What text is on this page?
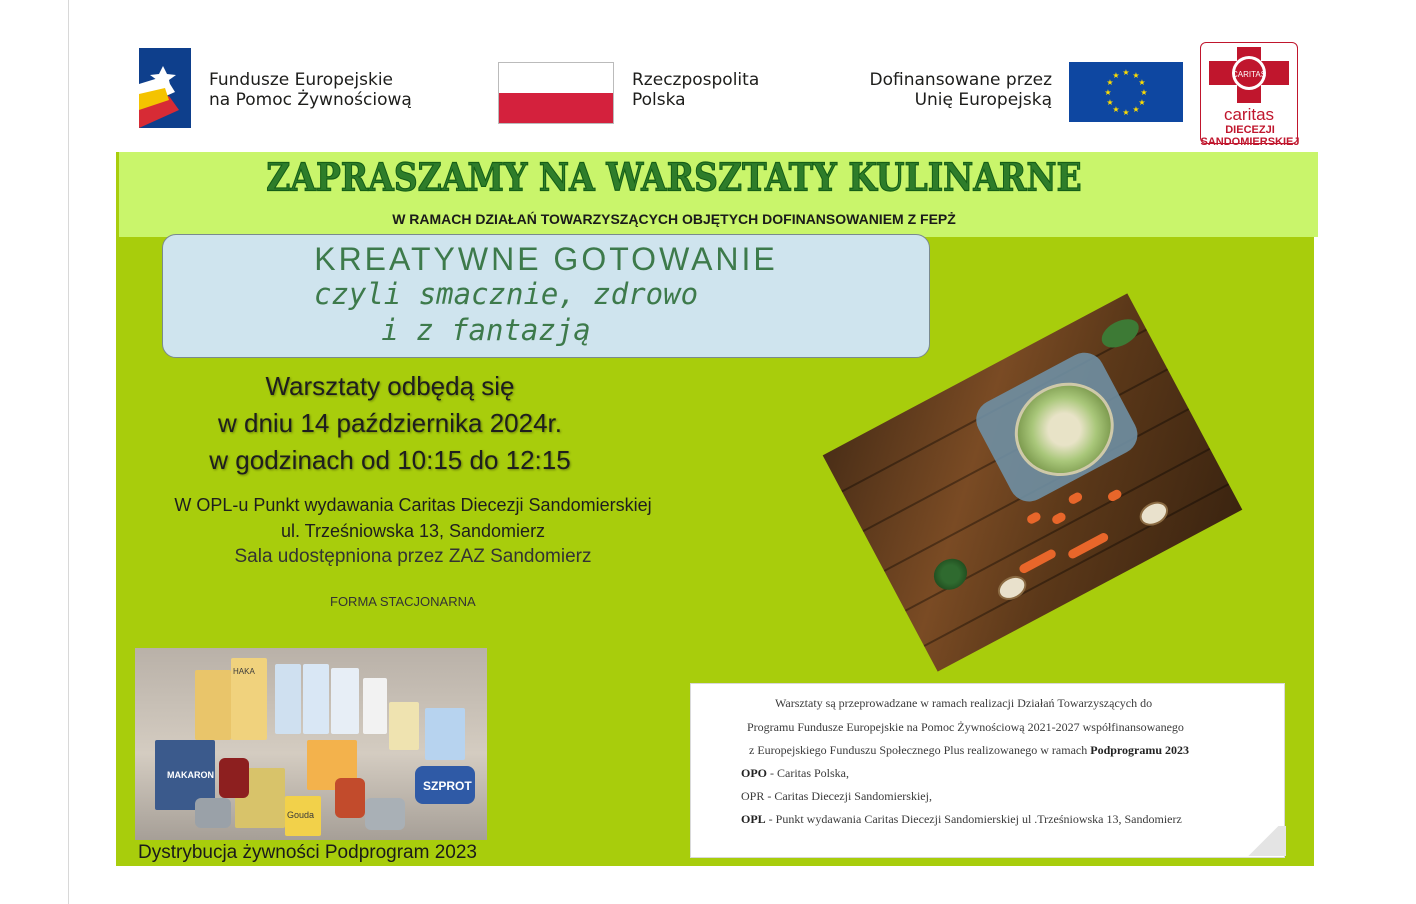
Fundusze Europejskie
na Pomoc Żywnościową
Rzeczpospolita
Polska
Dofinansowane przez
Unię Europejską
★ ★
★
★
★
★
★
★
★
★
★
★	CARITAS
caritas
DIECEZJI
SANDOMIERSKIEJ
ZAPRASZAMY NA WARSZTATY KULINARNE
W RAMACH DZIAŁAŃ TOWARZYSZĄCYCH OBJĘTYCH DOFINANSOWANIEM Z FEPŻ
KREATYWNE GOTOWANIE
czyli smacznie, zdrowo
i z fantazją
Warsztaty odbędą się
w dniu 14 października 2024r.
w godzinach od 10:15 do 12:15
W OPL-u Punkt wydawania Caritas Diecezji Sandomierskiej
ul. Trześniowska 13, Sandomierz
Sala udostępniona przez ZAZ Sandomierz
FORMA STACJONARNA
HAKA
MAKARON
SZPROT
Gouda
Dystrybucja żywności Podprogram 2023
Warsztaty są przeprowadzane w ramach realizacji Działań Towarzyszących do
Programu Fundusze Europejskie na Pomoc Żywnościową 2021-2027 współfinansowanego
z Europejskiego Funduszu Społecznego Plus realizowanego w ramach Podprogramu 2023
OPO - Caritas Polska,
OPR - Caritas Diecezji Sandomierskiej,
OPL - Punkt wydawania Caritas Diecezji Sandomierskiej ul .Trześniowska 13, Sandomierz
